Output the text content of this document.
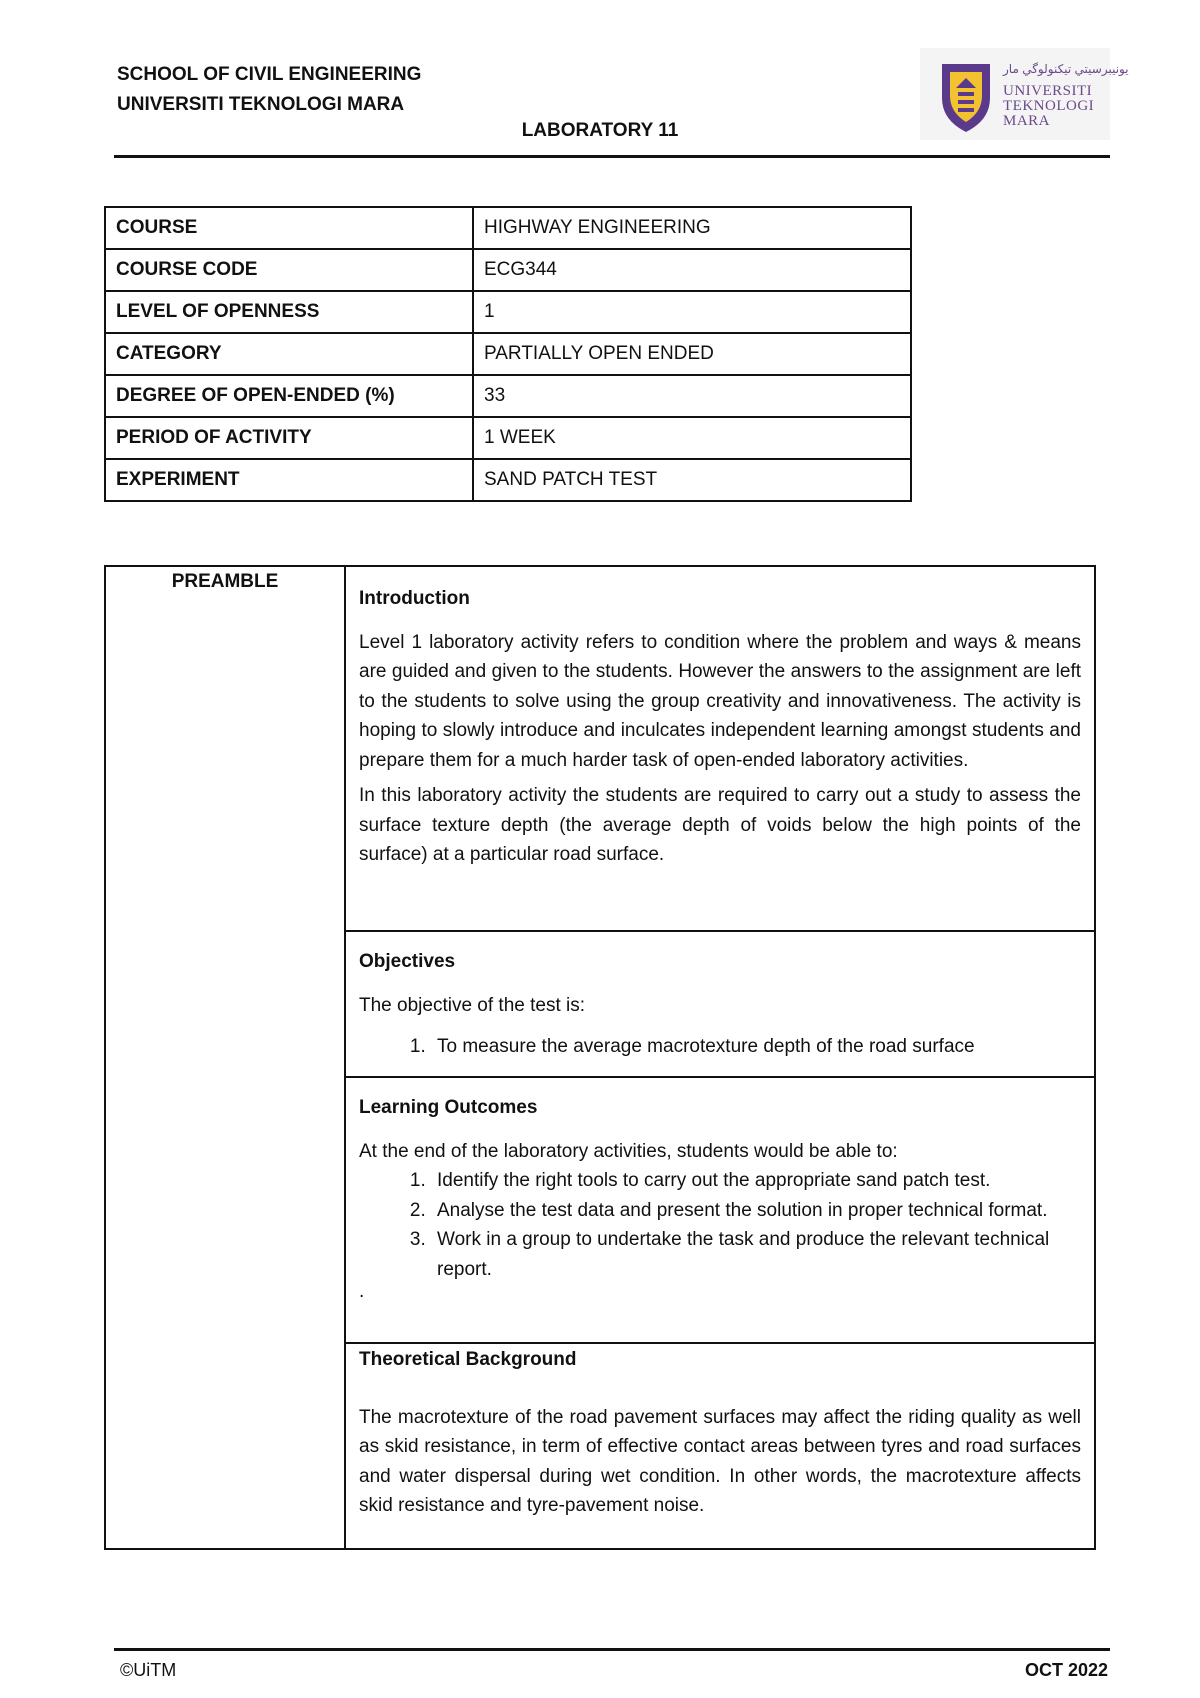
SCHOOL OF CIVIL ENGINEERING
UNIVERSITI TEKNOLOGI MARA
ﯾﻮﻧﯿﺒﺮﺳﯿﺘﻲ ﺗﻴﻜﻨﻮﻟﻮﮔﻲ مار
UNIVERSITI
TEKNOLOGI
MARA
LABORATORY 11
COURSE	HIGHWAY ENGINEERING
COURSE CODE	ECG344
LEVEL OF OPENNESS	1
CATEGORY	PARTIALLY OPEN ENDED
DEGREE OF OPEN-ENDED (%)	33
PERIOD OF ACTIVITY	1 WEEK
EXPERIMENT	SAND PATCH TEST
PREAMBLE	
Introduction

Level 1 laboratory activity refers to condition where the problem and ways & means are guided and given to the students. However the answers to the assignment are left to the students to solve using the group creativity and innovativeness. The activity is hoping to slowly introduce and inculcates independent learning amongst students and prepare them for a much harder task of open-ended laboratory activities.

In this laboratory activity the students are required to carry out a study to assess the surface texture depth (the average depth of voids below the high points of the surface) at a particular road surface.

Objectives

The objective of the test is:

1. To measure the average macrotexture depth of the road surface

Learning Outcomes

At the end of the laboratory activities, students would be able to:

1. Identify the right tools to carry out the appropriate sand patch test.
2. Analyse the test data and present the solution in proper technical format.
3. Work in a group to undertake the task and produce the relevant technical report.

.

Theoretical Background

The macrotexture of the road pavement surfaces may affect the riding quality as well as skid resistance, in term of effective contact areas between tyres and road surfaces and water dispersal during wet condition. In other words, the macrotexture affects skid resistance and tyre-pavement noise.

©UiTM	OCT 2022
